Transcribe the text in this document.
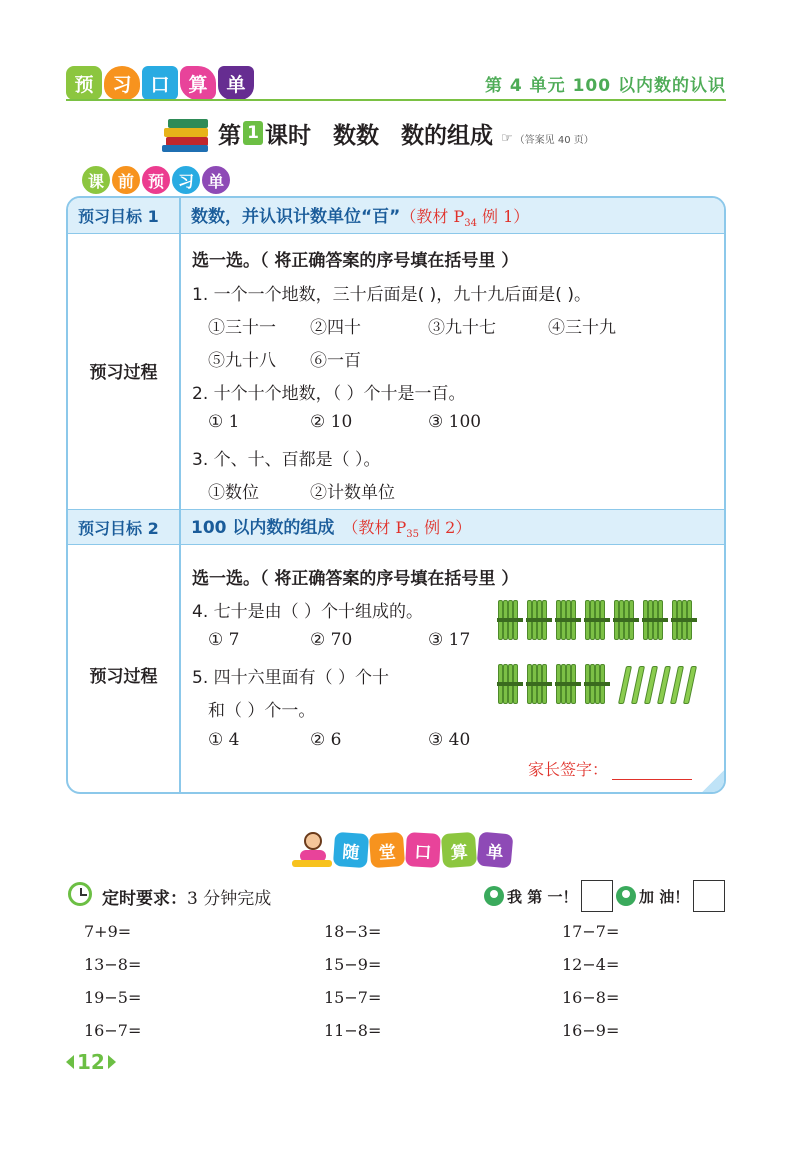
预 习 口 算 单	第 4 单元 100 以内数的认识
第 1 课时 数数 数的组成 ☞ （答案见 40 页）
课 前 预 习 单
预习目标 1	数数，并认识计数单位“百” （教材 $P_{34}$ 例 1）
预习过程
选一选。（ 将正确答案的序号填在括号里 ）
1. 一个一个地数，三十后面是( )，九十九后面是( )。
①三十一 ②四十	③九十七	④三十九
⑤九十八 ⑥一百
2. 十个十个地数，（ ）个十是一百。
① 1	② 10	③ 100
3. 个、十、百都是（ ）。
①数位	②计数单位
预习目标 2	100 以内数的组成 （教材 $P_{35}$ 例 2）
预习过程
选一选。（ 将正确答案的序号填在括号里 ）
4. 七十是由（ ）个十组成的。
① 7	② 70	③ 17
5. 四十六里面有（ ）个十
和（ ）个一。
① 4	② 6	③ 40
家长签字：
随	堂	口	算	单
定时要求：3 分钟完成	我 第 一！	加 油！
7+9=	18−3=	17−7=
13−8=	15−9=	12−4=
19−5=	15−7=	16−8=
16−7=	11−8=	16−9=
12
